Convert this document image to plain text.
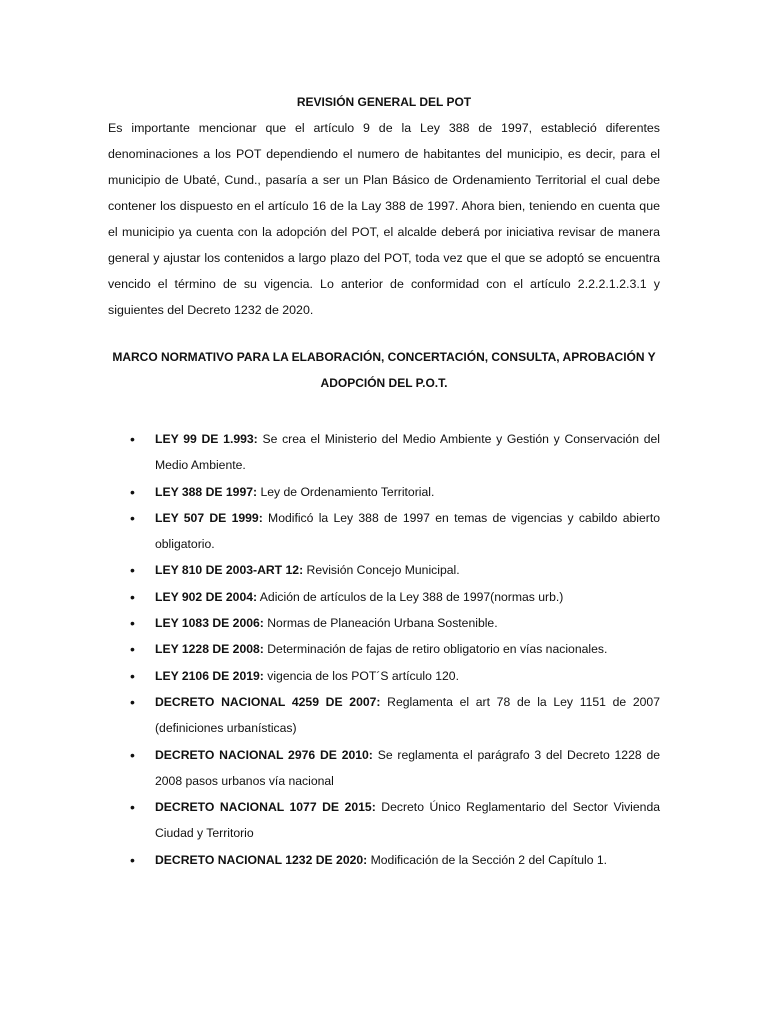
REVISIÓN GENERAL DEL POT

Es importante mencionar que el artículo 9 de la Ley 388 de 1997, estableció diferentes denominaciones a los POT dependiendo el numero de habitantes del municipio, es decir, para el municipio de Ubaté, Cund., pasaría a ser un Plan Básico de Ordenamiento Territorial el cual debe contener los dispuesto en el artículo 16 de la Lay 388 de 1997. Ahora bien, teniendo en cuenta que el municipio ya cuenta con la adopción del POT, el alcalde deberá por iniciativa revisar de manera general y ajustar los contenidos a largo plazo del POT, toda vez que el que se adoptó se encuentra vencido el término de su vigencia. Lo anterior de conformidad con el artículo 2.2.2.1.2.3.1 y siguientes del Decreto 1232 de 2020.

MARCO NORMATIVO PARA LA ELABORACIÓN, CONCERTACIÓN, CONSULTA, APROBACIÓN Y ADOPCIÓN DEL P.O.T.
• LEY 99 DE 1.993: Se crea el Ministerio del Medio Ambiente y Gestión y Conservación del Medio Ambiente.
• LEY 388 DE 1997: Ley de Ordenamiento Territorial.
• LEY 507 DE 1999: Modificó la Ley 388 de 1997 en temas de vigencias y cabildo abierto obligatorio.
• LEY 810 DE 2003-ART 12: Revisión Concejo Municipal.
• LEY 902 DE 2004: Adición de artículos de la Ley 388 de 1997(normas urb.)
• LEY 1083 DE 2006: Normas de Planeación Urbana Sostenible.
• LEY 1228 DE 2008: Determinación de fajas de retiro obligatorio en vías nacionales.
• LEY 2106 DE 2019: vigencia de los POT´S artículo 120.
• DECRETO NACIONAL 4259 DE 2007: Reglamenta el art 78 de la Ley 1151 de 2007 (definiciones urbanísticas)
• DECRETO NACIONAL 2976 DE 2010: Se reglamenta el parágrafo 3 del Decreto 1228 de 2008 pasos urbanos vía nacional
• DECRETO NACIONAL 1077 DE 2015: Decreto Único Reglamentario del Sector Vivienda Ciudad y Territorio
• DECRETO NACIONAL 1232 DE 2020: Modificación de la Sección 2 del Capítulo 1.
